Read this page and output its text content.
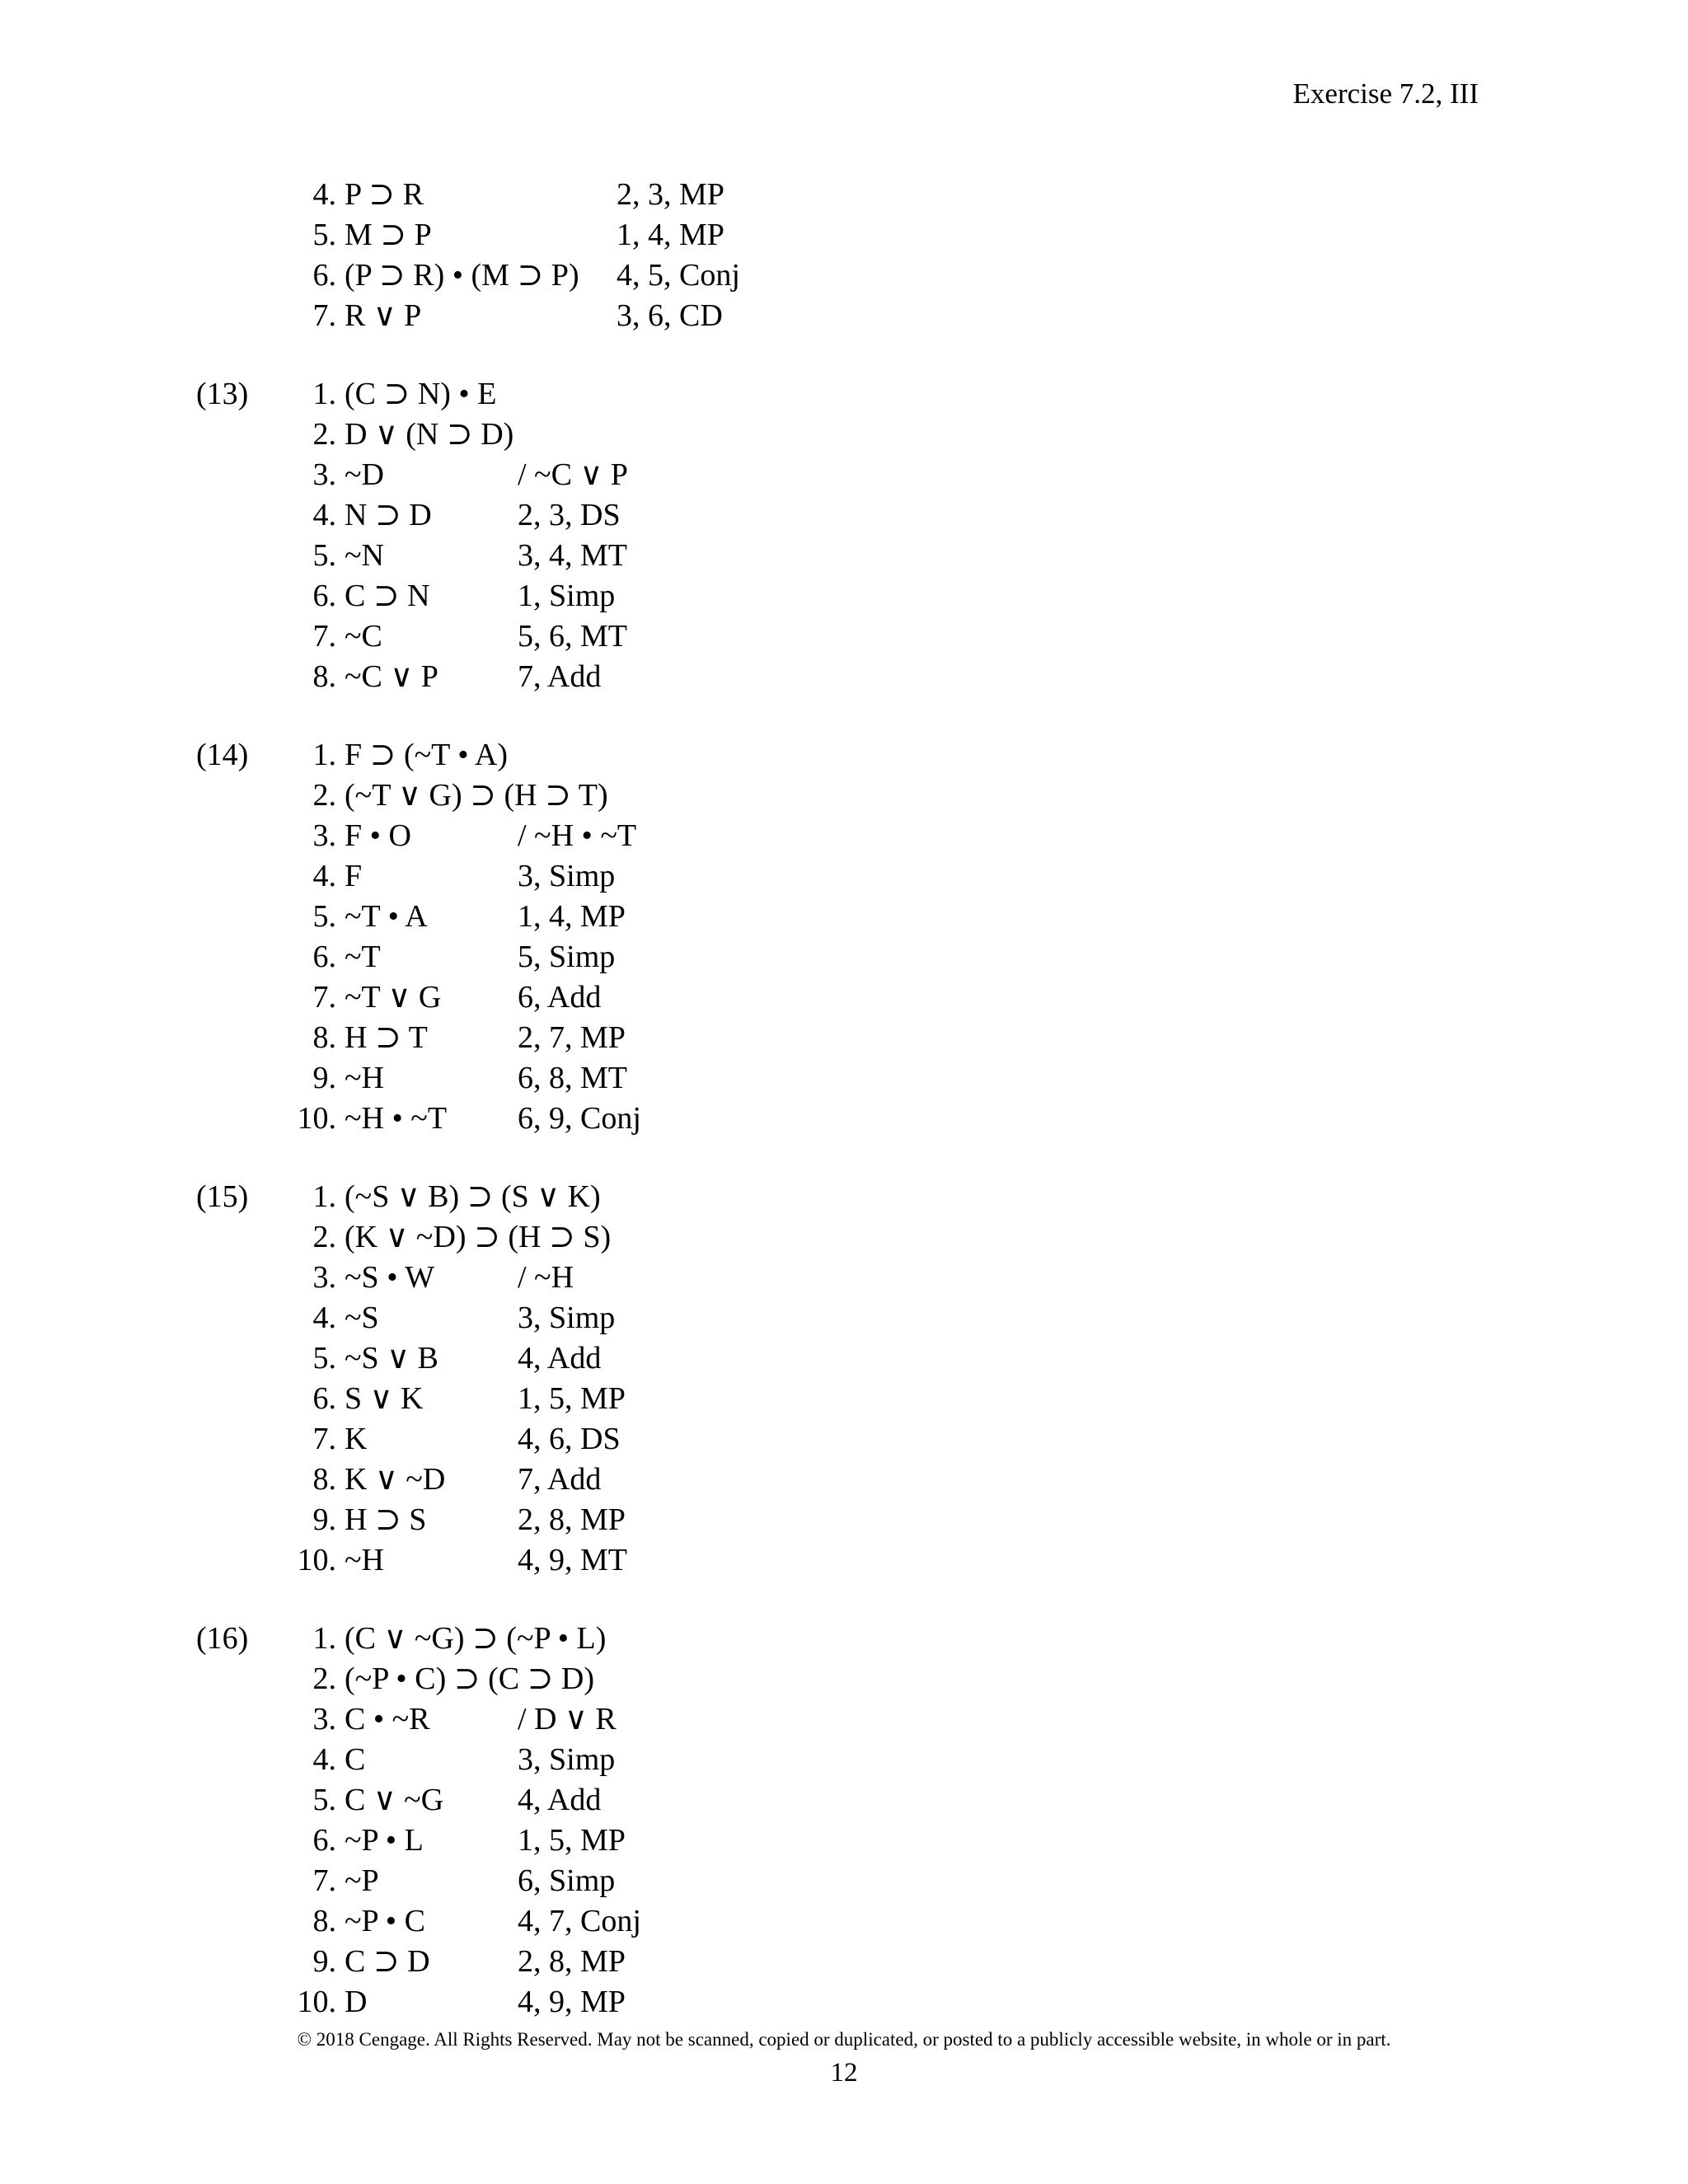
Exercise 7.2, III
4. P ⊃ R	2, 3, MP
5. M ⊃ P	1, 4, MP
6. (P ⊃ R) • (M ⊃ P) 4, 5, Conj
7. R ∨ P	3, 6, CD
(13)	1. (C ⊃ N) • E
2. D ∨ (N ⊃ D)
3. ~D	/ ~C ∨ P
4. N ⊃ D	2, 3, DS
5. ~N	3, 4, MT
6. C ⊃ N	1, Simp
7. ~C	5, 6, MT
8. ~C ∨ P	7, Add
(14)	1. F ⊃ (~T • A)
2. (~T ∨ G) ⊃ (H ⊃ T)
3. F • O	/ ~H • ~T
4. F	3, Simp
5. ~T • A	1, 4, MP
6. ~T	5, Simp
7. ~T ∨ G 6, Add
8. H ⊃ T	2, 7, MP
9. ~H	6, 8, MT
10. ~H • ~T 6, 9, Conj
(15)	1. (~S ∨ B) ⊃ (S ∨ K)
2. (K ∨ ~D) ⊃ (H ⊃ S)
3. ~S • W	/ ~H
4. ~S	3, Simp
5. ~S ∨ B	4, Add
6. S ∨ K	1, 5, MP
7. K	4, 6, DS
8. K ∨ ~D 7, Add
9. H ⊃ S	2, 8, MP
10. ~H	4, 9, MT
(16)	1. (C ∨ ~G) ⊃ (~P • L)
2. (~P • C) ⊃ (C ⊃ D)
3. C • ~R	/ D ∨ R
4. C	3, Simp
5. C ∨ ~G 4, Add
6. ~P • L	1, 5, MP
7. ~P	6, Simp
8. ~P • C	4, 7, Conj
9. C ⊃ D	2, 8, MP
10. D	4, 9, MP
© 2018 Cengage. All Rights Reserved. May not be scanned, copied or duplicated, or posted to a publicly accessible website, in whole or in part.
12
